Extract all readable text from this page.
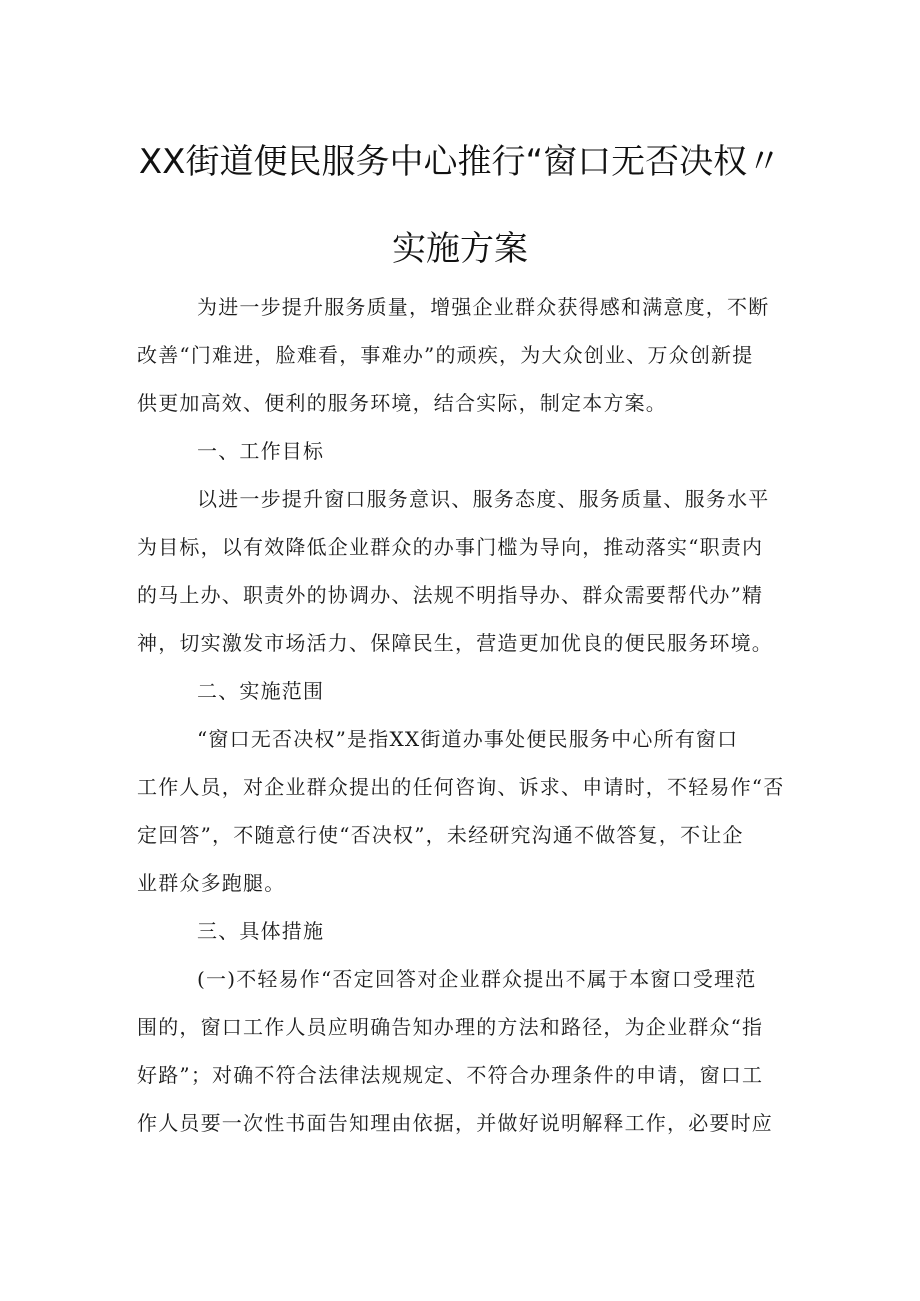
XX街道便民服务中心推行“窗口无否决权〃
实施方案
为进一步提升服务质量，增强企业群众获得感和满意度，不断
改善“门难进，脸难看，事难办”的顽疾，为大众创业、万众创新提
供更加高效、便利的服务环境，结合实际，制定本方案。
一、工作目标
以进一步提升窗口服务意识、服务态度、服务质量、服务水平
为目标，以有效降低企业群众的办事门槛为导向，推动落实“职责内
的马上办、职责外的协调办、法规不明指导办、群众需要帮代办”精
神，切实激发市场活力、保障民生，营造更加优良的便民服务环境。
二、实施范围
“窗口无否决权”是指XX街道办事处便民服务中心所有窗口
工作人员，对企业群众提出的任何咨询、诉求、申请时，不轻易作“否
定回答”，不随意行使“否决权”，未经研究沟通不做答复，不让企
业群众多跑腿。
三、具体措施
(一)不轻易作“否定回答对企业群众提出不属于本窗口受理范
围的，窗口工作人员应明确告知办理的方法和路径，为企业群众“指
好路”；对确不符合法律法规规定、不符合办理条件的申请，窗口工
作人员要一次性书面告知理由依据，并做好说明解释工作，必要时应
